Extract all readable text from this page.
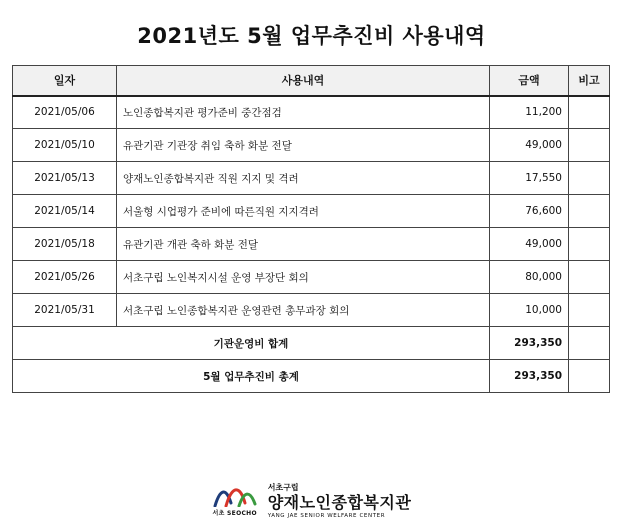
2021년도 5월 업무추진비 사용내역
일자	사용내역	금액	비고
2021/05/06	노인종합복지관 평가준비 중간점검	11,200	
2021/05/10	유관기관 기관장 취임 축하 화분 전달	49,000	
2021/05/13	양재노인종합복지관 직원 지지 및 격려	17,550	
2021/05/14	서울형 시업평가 준비에 따른직원 지지격려	76,600	
2021/05/18	유관기관 개관 축하 화분 전달	49,000	
2021/05/26	서초구립 노인복지시설 운영 부장단 회의	80,000	
2021/05/31	서초구립 노인종합복지관 운영관련 총무과장 회의	10,000	
기관운영비 합계		293,350	
5월 업무추진비 총계		293,350	
서초 SEOCHO
서초구립
양재노인종합복지관
YANG JAE SENIOR WELFARE CENTER
